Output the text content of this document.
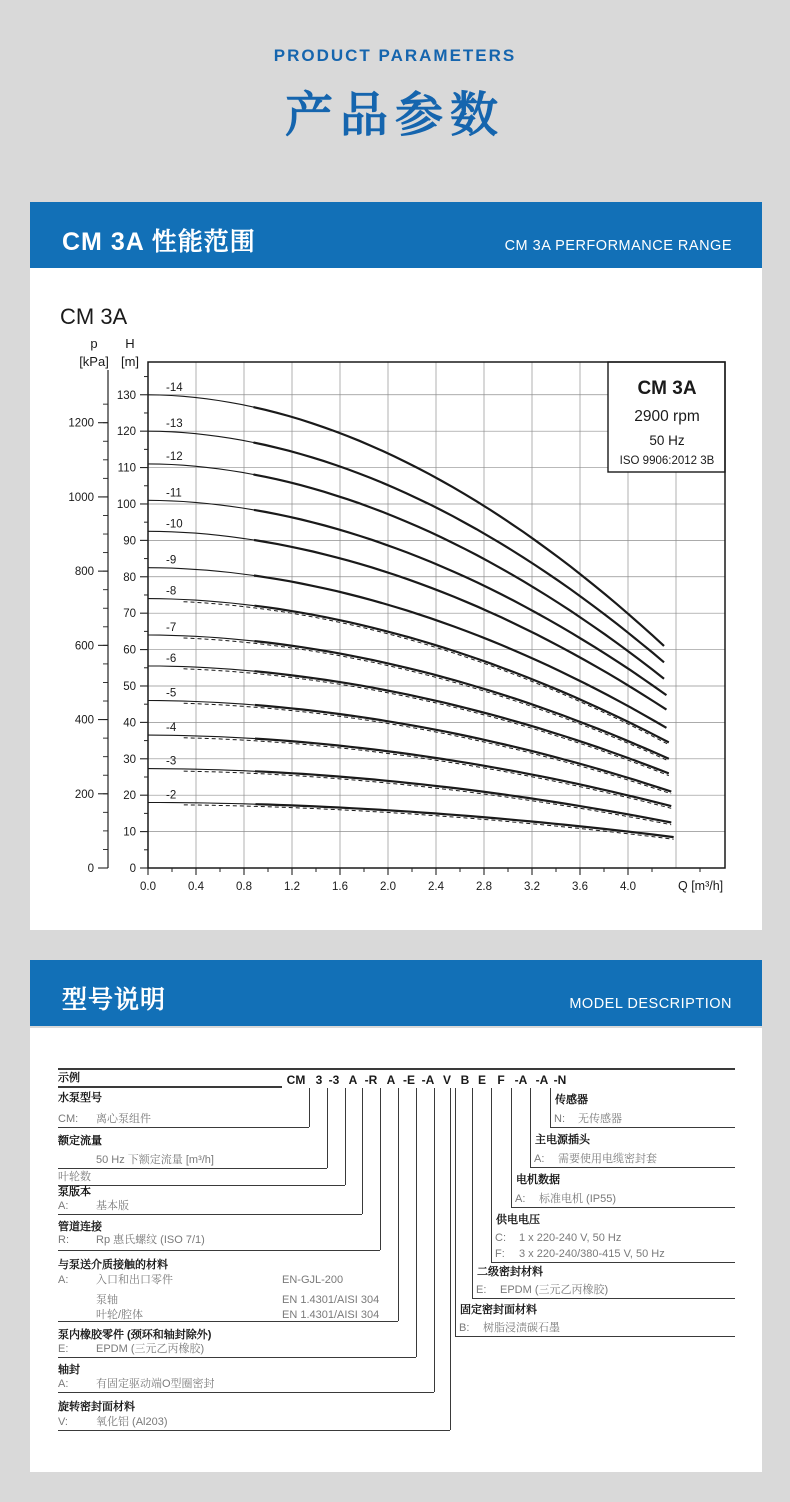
PRODUCT PARAMETERS
产品参数
CM 3A 性能范围	CM 3A PERFORMANCE RANGE
CM 3A
-14
-13
-12
-11
-10
-9
-8
-7
-6
-5
-4
-3
-2
CM 3A
2900 rpm
50 Hz
ISO 9906:2012 3B
0
10
20
30
40
50
60
70
80
90
100
110
120
130
H
[m]
0
200
400
600
800
1000
1200
p
[kPa]
0.0	0.4	0.8	1.2	1.6	2.0	2.4	2.8	3.2	3.6	4.0	Q [m³/h]
型号说明	MODEL DESCRIPTION
示例	CM 3 -3 A -R A -E -A V B E F -A -A -N
水泵型号
CM: 离心泵组件
额定流量
50 Hz 下额定流量 [m³/h]
叶轮数
泵版本
A:	基本版
管道连接
R: Rp 惠氏螺纹 (ISO 7/1)
与泵送介质接触的材料
A:	入口和出口零件	EN-GJL-200
泵轴	EN 1.4301/AISI 304
叶轮/腔体	EN 1.4301/AISI 304
泵内橡胶零件 (颈环和轴封除外)
E:	EPDM (三元乙丙橡胶)
轴封
A:	有固定驱动端O型圈密封
旋转密封面材料
V:	氧化铝 (Al203)
传感器
N: 无传感器
主电源插头
A: 需要使用电缆密封套
电机数据
A: 标准电机 (IP55)
供电电压
C: 1 x 220-240 V, 50 Hz
F: 3 x 220-240/380-415 V, 50 Hz
二级密封材料
E: EPDM (三元乙丙橡胶)
固定密封面材料
B: 树脂浸渍碳石墨
